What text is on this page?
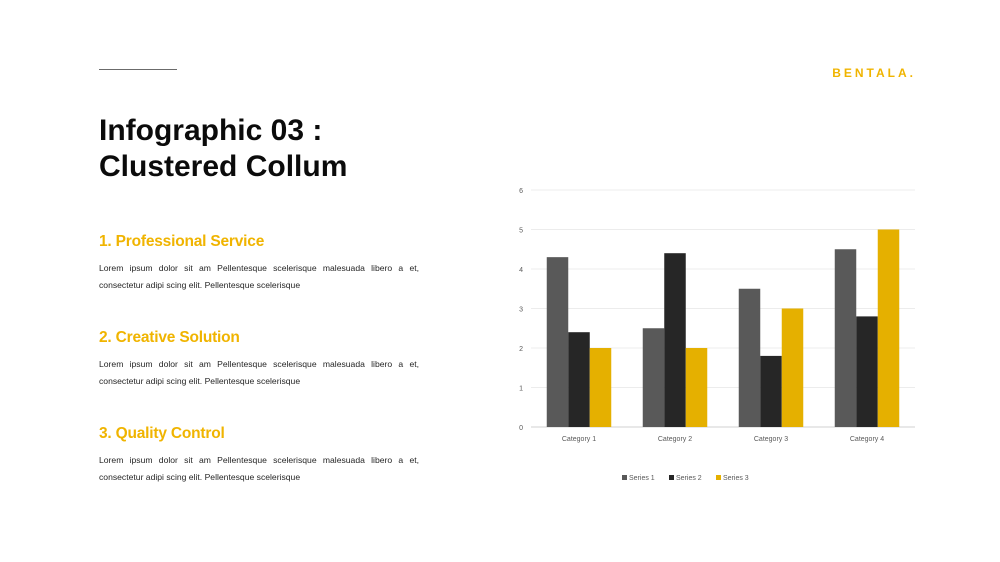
BENTALA.
Infographic 03 :
Clustered Collum
1. Professional Service

Lorem ipsum dolor sit am Pellentesque scelerisque malesuada libero a et, consectetur adipi scing elit. Pellentesque scelerisque

2. Creative Solution

Lorem ipsum dolor sit am Pellentesque scelerisque malesuada libero a et, consectetur adipi scing elit. Pellentesque scelerisque

3. Quality Control

Lorem ipsum dolor sit am Pellentesque scelerisque malesuada libero a et, consectetur adipi scing elit. Pellentesque scelerisque

0
1
2
3
4
5
6
Category 1	Category 2	Category 3	Category 4
Series 1	Series 2	Series 3
